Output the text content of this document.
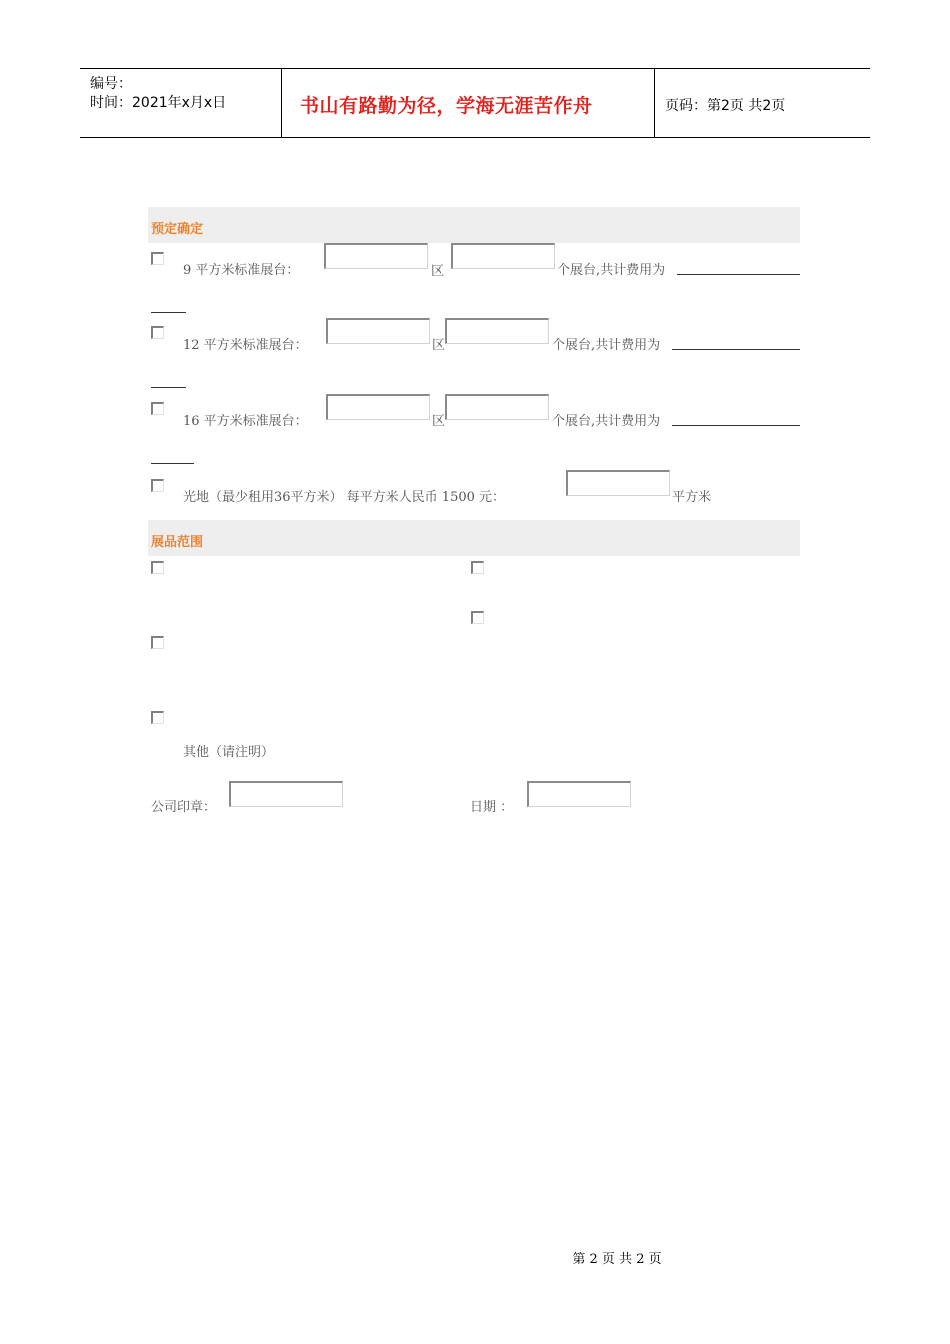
编号：
时间：2021年x月x日	书山有路勤为径，学海无涯苦作舟	页码：第2页 共2页
预定确定
9 平方米标准展台：	区	个展台,共计费用为
12 平方米标准展台：	区	个展台,共计费用为
16 平方米标准展台：	区	个展台,共计费用为
光地（最少租用36平方米） 每平方米人民币 1500 元：	平方米
展品范围
其他（请注明）
公司印章：	日期 ：
第 2 页 共 2 页
